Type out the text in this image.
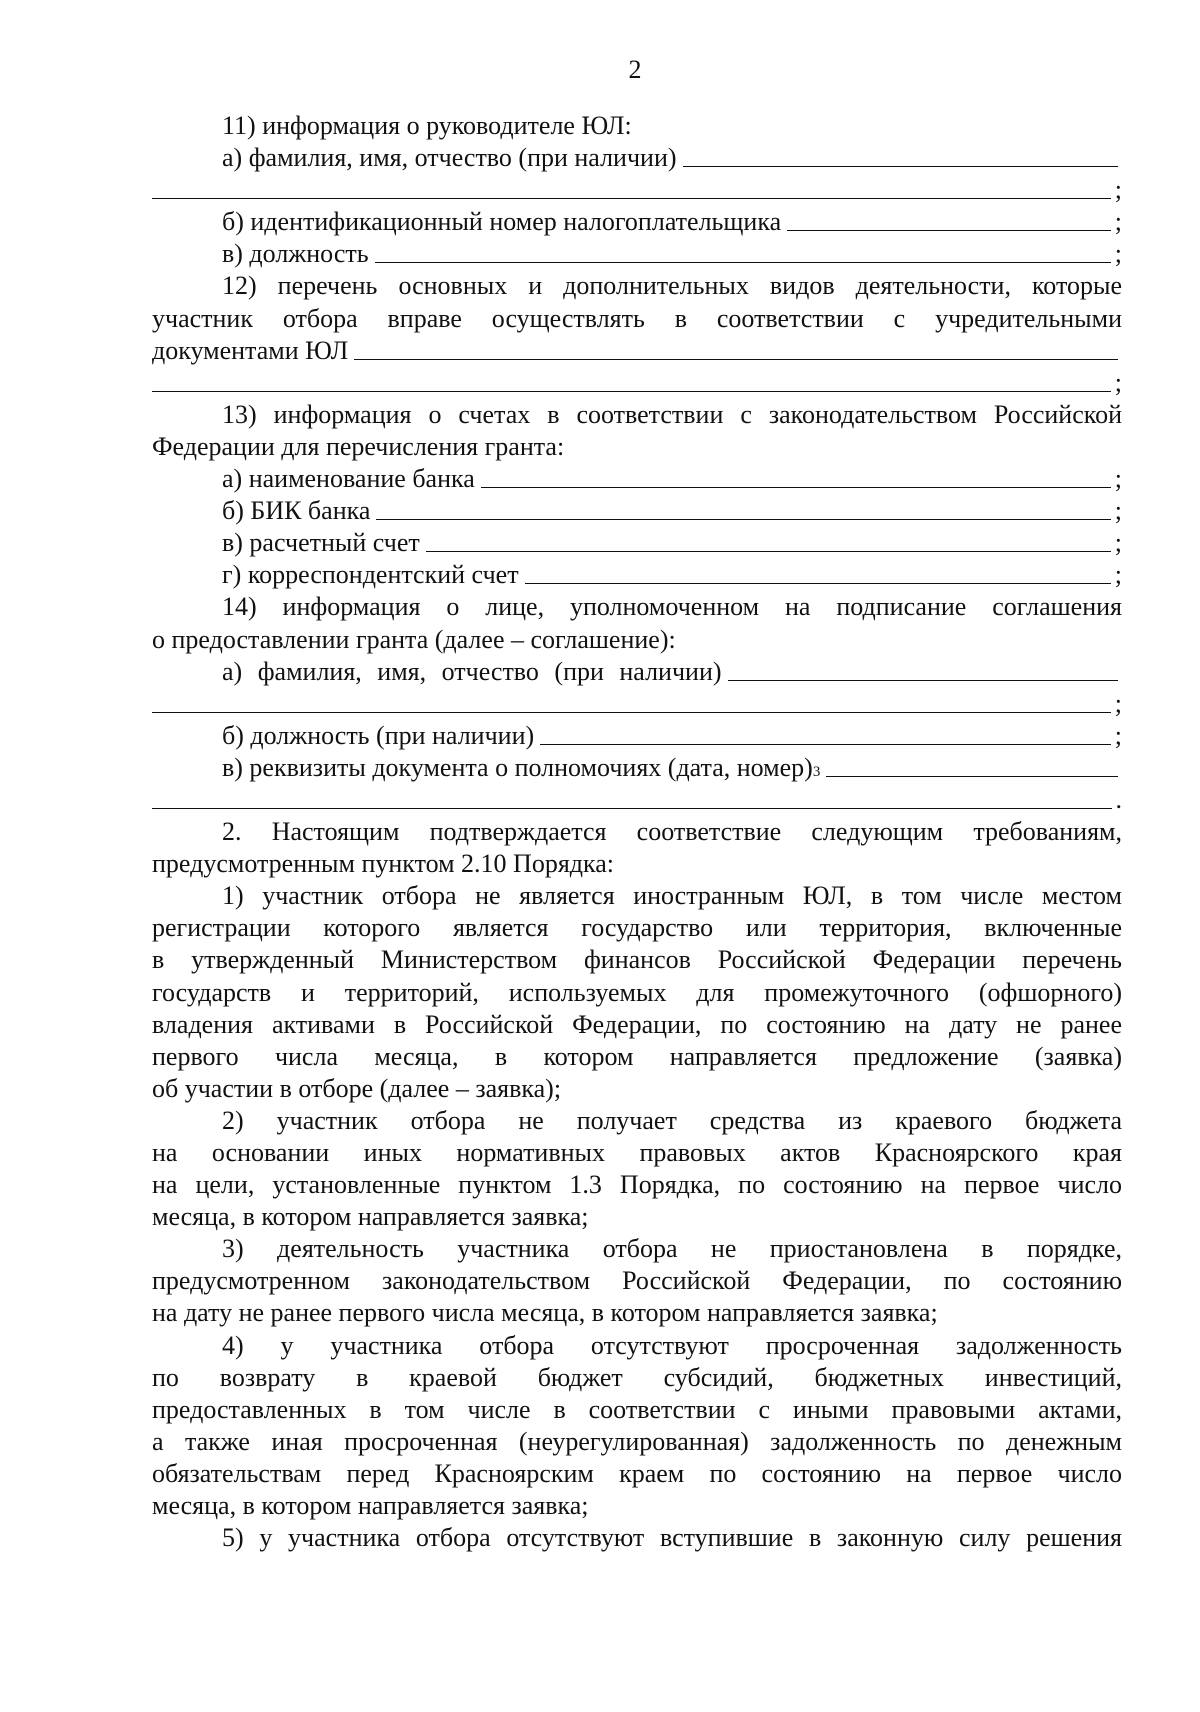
2
11) информация о руководителе ЮЛ:
а) фамилия, имя, отчество (при наличии)
;
б) идентификационный номер налогоплательщика	;
в) должность	;
12) перечень основных и дополнительных видов деятельности, которые
участник отбора вправе осуществлять в соответствии с учредительными
документами ЮЛ
;
13) информация о счетах в соответствии с законодательством Российской
Федерации для перечисления гранта:
а) наименование банка	;
б) БИК банка	;
в) расчетный счет	;
г) корреспондентский счет	;
14) информация о лице, уполномоченном на подписание соглашения
о предоставлении гранта (далее – соглашение):
а) фамилия, имя, отчество (при наличии)
;
б) должность (при наличии)	;
в) реквизиты документа о полномочиях (дата, номер) 3
.
2. Настоящим подтверждается соответствие следующим требованиям,
предусмотренным пунктом 2.10 Порядка:
1) участник отбора не является иностранным ЮЛ, в том числе местом
регистрации которого является государство или территория, включенные
в утвержденный Министерством финансов Российской Федерации перечень
государств и территорий, используемых для промежуточного (офшорного)
владения активами в Российской Федерации, по состоянию на дату не ранее
первого числа месяца, в котором направляется предложение (заявка)
об участии в отборе (далее – заявка);
2) участник отбора не получает средства из краевого бюджета
на основании иных нормативных правовых актов Красноярского края
на цели, установленные пунктом 1.3 Порядка, по состоянию на первое число
месяца, в котором направляется заявка;
3) деятельность участника отбора не приостановлена в порядке,
предусмотренном законодательством Российской Федерации, по состоянию
на дату не ранее первого числа месяца, в котором направляется заявка;
4) у участника отбора отсутствуют просроченная задолженность
по возврату в краевой бюджет субсидий, бюджетных инвестиций,
предоставленных в том числе в соответствии с иными правовыми актами,
а также иная просроченная (неурегулированная) задолженность по денежным
обязательствам перед Красноярским краем по состоянию на первое число
месяца, в котором направляется заявка;
5) у участника отбора отсутствуют вступившие в законную силу решения
